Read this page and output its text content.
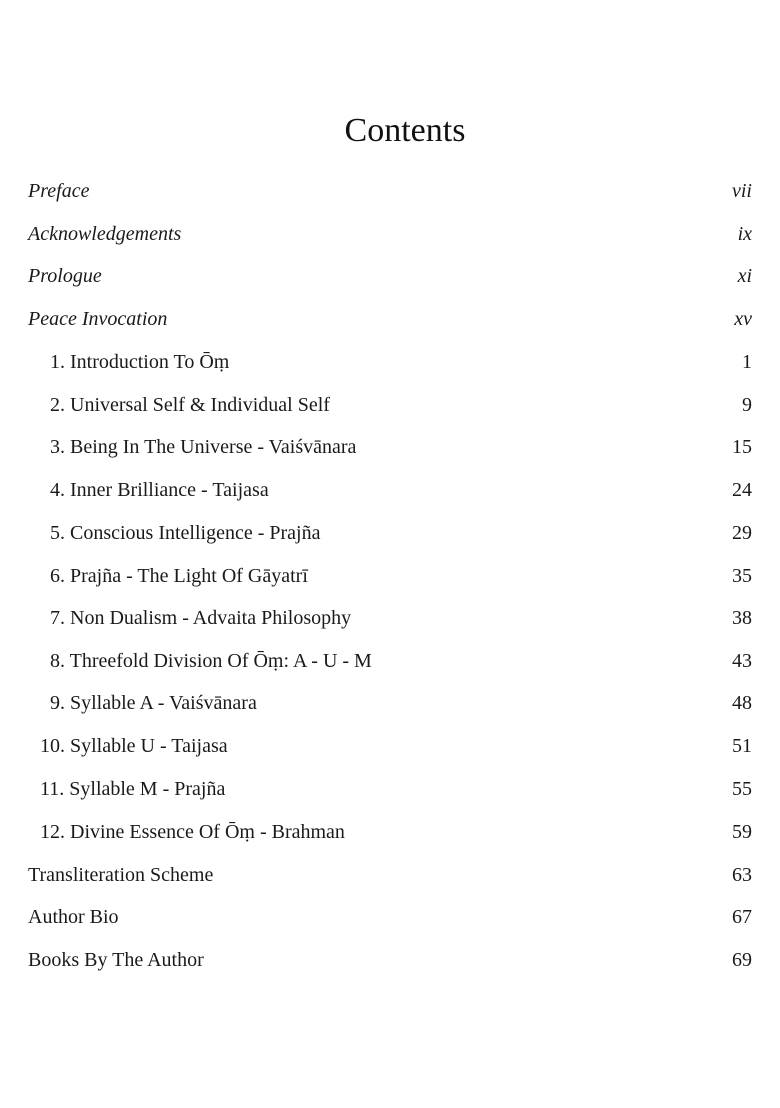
Contents
Preface	vii
Acknowledgements	ix
Prologue	xi
Peace Invocation	xv
1. Introduction To Ōṃ	1
2. Universal Self & Individual Self	9
3. Being In The Universe - Vaiśvānara	15
4. Inner Brilliance - Taijasa	24
5. Conscious Intelligence - Prajña	29
6. Prajña - The Light Of Gāyatrī	35
7. Non Dualism - Advaita Philosophy	38
8. Threefold Division Of Ōṃ: A - U - M	43
9. Syllable A - Vaiśvānara	48
10. Syllable U - Taijasa	51
11. Syllable M - Prajña	55
12. Divine Essence Of Ōṃ - Brahman	59
Transliteration Scheme	63
Author Bio	67
Books By The Author	69
